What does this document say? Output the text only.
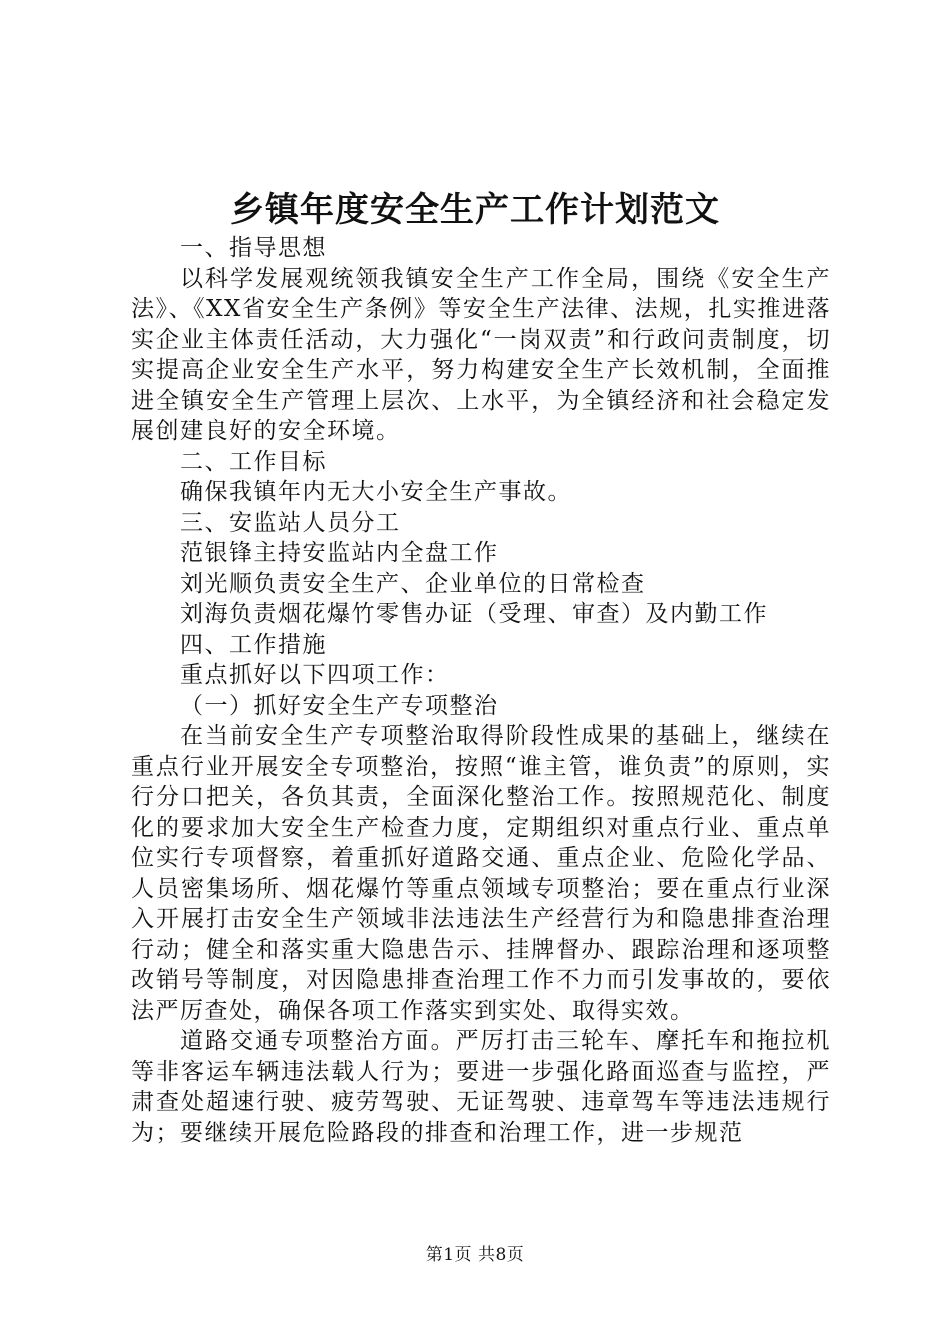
乡镇年度安全生产工作计划范文

一、指导思想

以科学发展观统领我镇安全生产工作全局，围绕《安全生产法》、《XX省安全生产条例》等安全生产法律、法规，扎实推进落实企业主体责任活动，大力强化“一岗双责”和行政问责制度，切实提高企业安全生产水平，努力构建安全生产长效机制，全面推进全镇安全生产管理上层次、上水平，为全镇经济和社会稳定发展创建良好的安全环境。

二、工作目标

确保我镇年内无大小安全生产事故。

三、安监站人员分工

范银锋主持安监站内全盘工作

刘光顺负责安全生产、企业单位的日常检查

刘海负责烟花爆竹零售办证（受理、审查）及内勤工作

四、工作措施

重点抓好以下四项工作：

（一）抓好安全生产专项整治

在当前安全生产专项整治取得阶段性成果的基础上，继续在重点行业开展安全专项整治，按照“谁主管，谁负责”的原则，实行分口把关，各负其责，全面深化整治工作。按照规范化、制度化的要求加大安全生产检查力度，定期组织对重点行业、重点单位实行专项督察，着重抓好道路交通、重点企业、危险化学品、人员密集场所、烟花爆竹等重点领域专项整治；要在重点行业深入开展打击安全生产领域非法违法生产经营行为和隐患排查治理行动；健全和落实重大隐患告示、挂牌督办、跟踪治理和逐项整改销号等制度，对因隐患排查治理工作不力而引发事故的，要依法严厉查处，确保各项工作落实到实处、取得实效。

道路交通专项整治方面。严厉打击三轮车、摩托车和拖拉机等非客运车辆违法载人行为；要进一步强化路面巡查与监控，严肃查处超速行驶、疲劳驾驶、无证驾驶、违章驾车等违法违规行为；要继续开展危险路段的排查和治理工作，进一步规范

第1页 共8页
